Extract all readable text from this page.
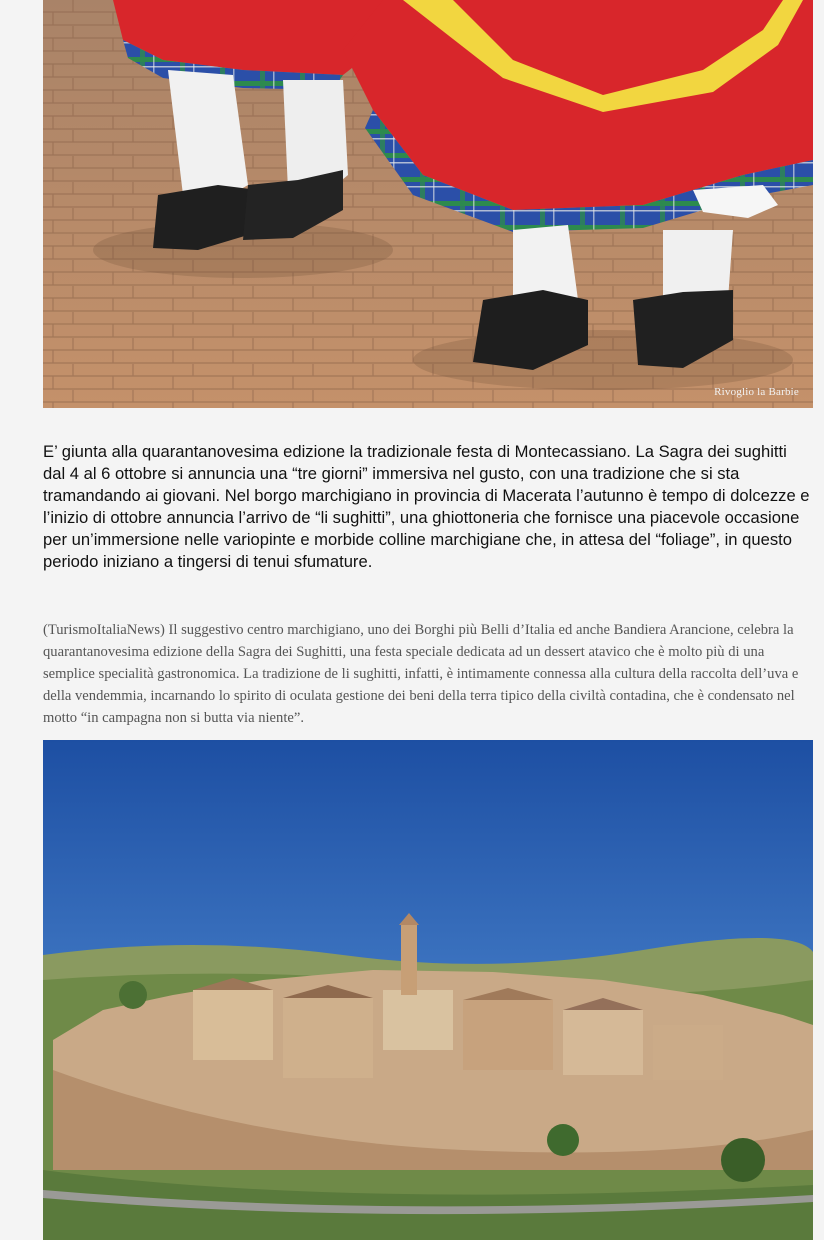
Rivoglio la Barbie

E’ giunta alla quarantanovesima edizione la tradizionale festa di Montecassiano. La Sagra dei sughitti dal 4 al 6 ottobre si annuncia una “tre giorni” immersiva nel gusto, con una tradizione che si sta tramandando ai giovani. Nel borgo marchigiano in provincia di Macerata l’autunno è tempo di dolcezze e l’inizio di ottobre annuncia l’arrivo de “li sughitti”, una ghiottoneria che fornisce una piacevole occasione per un’immersione nelle variopinte e morbide colline marchigiane che, in attesa del “foliage”, in questo periodo iniziano a tingersi di tenui sfumature.

(TurismoItaliaNews) Il suggestivo centro marchigiano, uno dei Borghi più Belli d’Italia ed anche Bandiera Arancione, celebra la quarantanovesima edizione della Sagra dei Sughitti, una festa speciale dedicata ad un dessert atavico che è molto più di una semplice specialità gastronomica. La tradizione de li sughitti, infatti, è intimamente connessa alla cultura della raccolta dell’uva e della vendemmia, incarnando lo spirito di oculata gestione dei beni della terra tipico della civiltà contadina, che è condensato nel motto “in campagna non si butta via niente”.
